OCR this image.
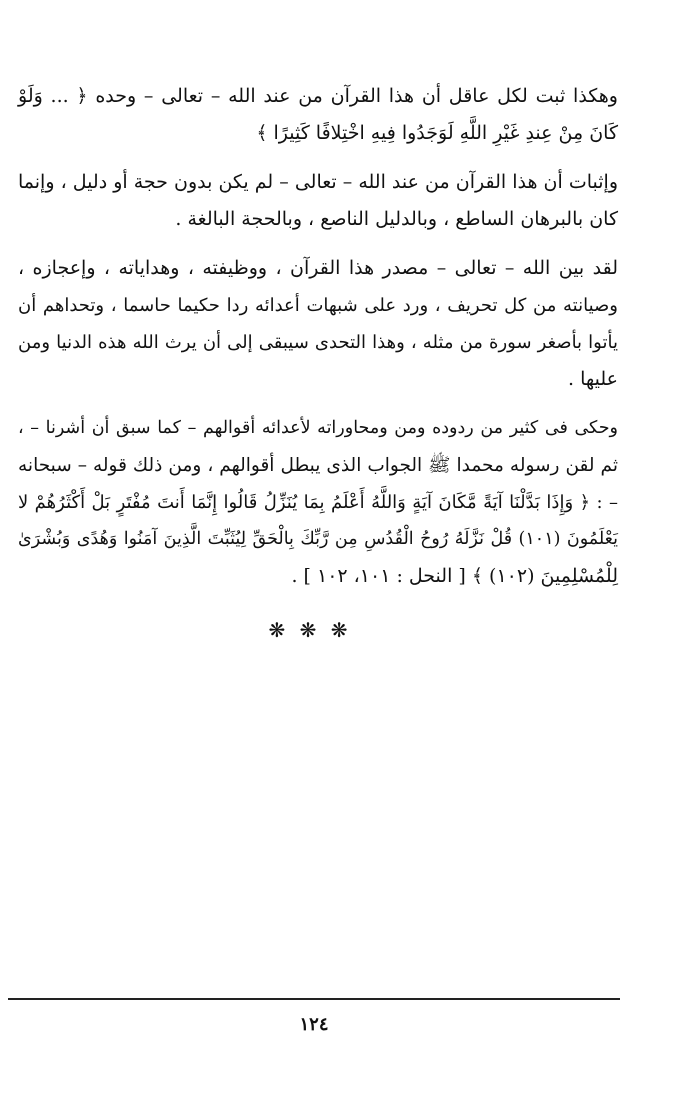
وهكذا ثبت لكل عاقل أن هذا القرآن من عند الله – تعالى – وحده ﴿ ... وَلَوْ
كَانَ مِنْ عِندِ غَيْرِ اللَّهِ لَوَجَدُوا فِيهِ اخْتِلافًا كَثِيرًا ﴾

وإثبات أن هذا القرآن من عند الله – تعالى – لم يكن بدون حجة أو دليل ، وإنما
كان بالبرهان الساطع ، وبالدليل الناصع ، وبالحجة البالغة .

لقد بين الله – تعالى – مصدر هذا القرآن ، ووظيفته ، وهداياته ، وإعجازه ،
وصيانته من كل تحريف ، ورد على شبهات أعدائه ردا حكيما حاسما ، وتحداهم أن
يأتوا بأصغر سورة من مثله ، وهذا التحدى سيبقى إلى أن يرث الله هذه الدنيا ومن
عليها .

وحكى فى كثير من ردوده ومن ومحاوراته لأعدائه أقوالهم – كما سبق أن أشرنا – ،
ثم لقن رسوله محمدا ﷺ الجواب الذى يبطل أقوالهم ، ومن ذلك قوله – سبحانه
– : ﴿ وَإِذَا بَدَّلْنَا آيَةً مَّكَانَ آيَةٍ وَاللَّهُ أَعْلَمُ بِمَا يُنَزِّلُ قَالُوا إِنَّمَا أَنتَ مُفْتَرٍ بَلْ أَكْثَرُهُمْ لا
يَعْلَمُونَ (١٠١) قُلْ نَزَّلَهُ رُوحُ الْقُدُسِ مِن رَّبِّكَ بِالْحَقِّ لِيُثَبِّتَ الَّذِينَ آمَنُوا وَهُدًى وَبُشْرَىٰ
لِلْمُسْلِمِينَ (١٠٢) ﴾ [ النحل : ١٠١، ١٠٢ ] .

❋ ❋ ❋
١٢٤
